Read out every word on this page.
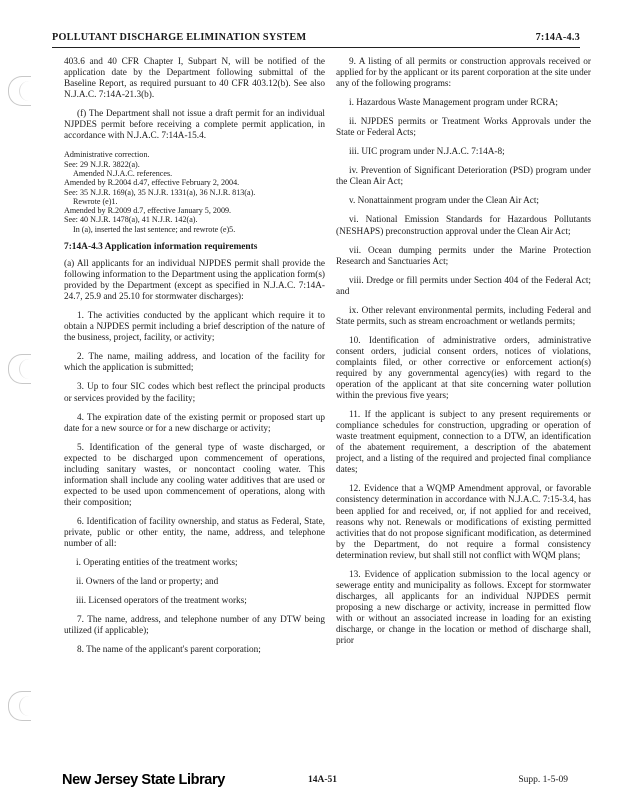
POLLUTANT DISCHARGE ELIMINATION SYSTEM	7:14A-4.3

403.6 and 40 CFR Chapter I, Subpart N, will be notified of the application date by the Department following submittal of the Baseline Report, as required pursuant to 40 CFR 403.12(b). See also N.J.A.C. 7:14A-21.3(b).

(f) The Department shall not issue a draft permit for an individual NJPDES permit before receiving a complete permit application, in accordance with N.J.A.C. 7:14A-15.4.

Administrative correction.

See: 29 N.J.R. 3822(a).

Amended N.J.A.C. references.

Amended by R.2004 d.47, effective February 2, 2004.

See: 35 N.J.R. 169(a), 35 N.J.R. 1331(a), 36 N.J.R. 813(a).

Rewrote (e)1.

Amended by R.2009 d.7, effective January 5, 2009.

See: 40 N.J.R. 1478(a), 41 N.J.R. 142(a).

In (a), inserted the last sentence; and rewrote (e)5.

7:14A-4.3 Application information requirements

(a) All applicants for an individual NJPDES permit shall provide the following information to the Department using the application form(s) provided by the Department (except as specified in N.J.A.C. 7:14A-24.7, 25.9 and 25.10 for stormwater discharges):

1. The activities conducted by the applicant which require it to obtain a NJPDES permit including a brief description of the nature of the business, project, facility, or activity;

2. The name, mailing address, and location of the facility for which the application is submitted;

3. Up to four SIC codes which best reflect the principal products or services provided by the facility;

4. The expiration date of the existing permit or proposed start up date for a new source or for a new discharge or activity;

5. Identification of the general type of waste discharged, or expected to be discharged upon commencement of operations, including sanitary wastes, or noncontact cooling water. This information shall include any cooling water additives that are used or expected to be used upon commencement of operations, along with their composition;

6. Identification of facility ownership, and status as Federal, State, private, public or other entity, the name, address, and telephone number of all:

i. Operating entities of the treatment works;

ii. Owners of the land or property; and

iii. Licensed operators of the treatment works;

7. The name, address, and telephone number of any DTW being utilized (if applicable);

8. The name of the applicant's parent corporation;

9. A listing of all permits or construction approvals received or applied for by the applicant or its parent corporation at the site under any of the following programs:

i. Hazardous Waste Management program under RCRA;

ii. NJPDES permits or Treatment Works Approvals under the State or Federal Acts;

iii. UIC program under N.J.A.C. 7:14A-8;

iv. Prevention of Significant Deterioration (PSD) program under the Clean Air Act;

v. Nonattainment program under the Clean Air Act;

vi. National Emission Standards for Hazardous Pollutants (NESHAPS) preconstruction approval under the Clean Air Act;

vii. Ocean dumping permits under the Marine Protection Research and Sanctuaries Act;

viii. Dredge or fill permits under Section 404 of the Federal Act; and

ix. Other relevant environmental permits, including Federal and State permits, such as stream encroachment or wetlands permits;

10. Identification of administrative orders, administrative consent orders, judicial consent orders, notices of violations, complaints filed, or other corrective or enforcement action(s) required by any governmental agency(ies) with regard to the operation of the applicant at that site concerning water pollution within the previous five years;

11. If the applicant is subject to any present requirements or compliance schedules for construction, upgrading or operation of waste treatment equipment, connection to a DTW, an identification of the abatement requirement, a description of the abatement project, and a listing of the required and projected final compliance dates;

12. Evidence that a WQMP Amendment approval, or favorable consistency determination in accordance with N.J.A.C. 7:15-3.4, has been applied for and received, or, if not applied for and received, reasons why not. Renewals or modifications of existing permitted activities that do not propose significant modification, as determined by the Department, do not require a formal consistency determination review, but shall still not conflict with WQM plans;

13. Evidence of application submission to the local agency or sewerage entity and municipality as follows. Except for stormwater discharges, all applicants for an individual NJPDES permit proposing a new discharge or activity, increase in permitted flow with or without an associated increase in loading for an existing discharge, or change in the location or method of discharge shall, prior

New Jersey State Library	14A-51	Supp. 1-5-09
